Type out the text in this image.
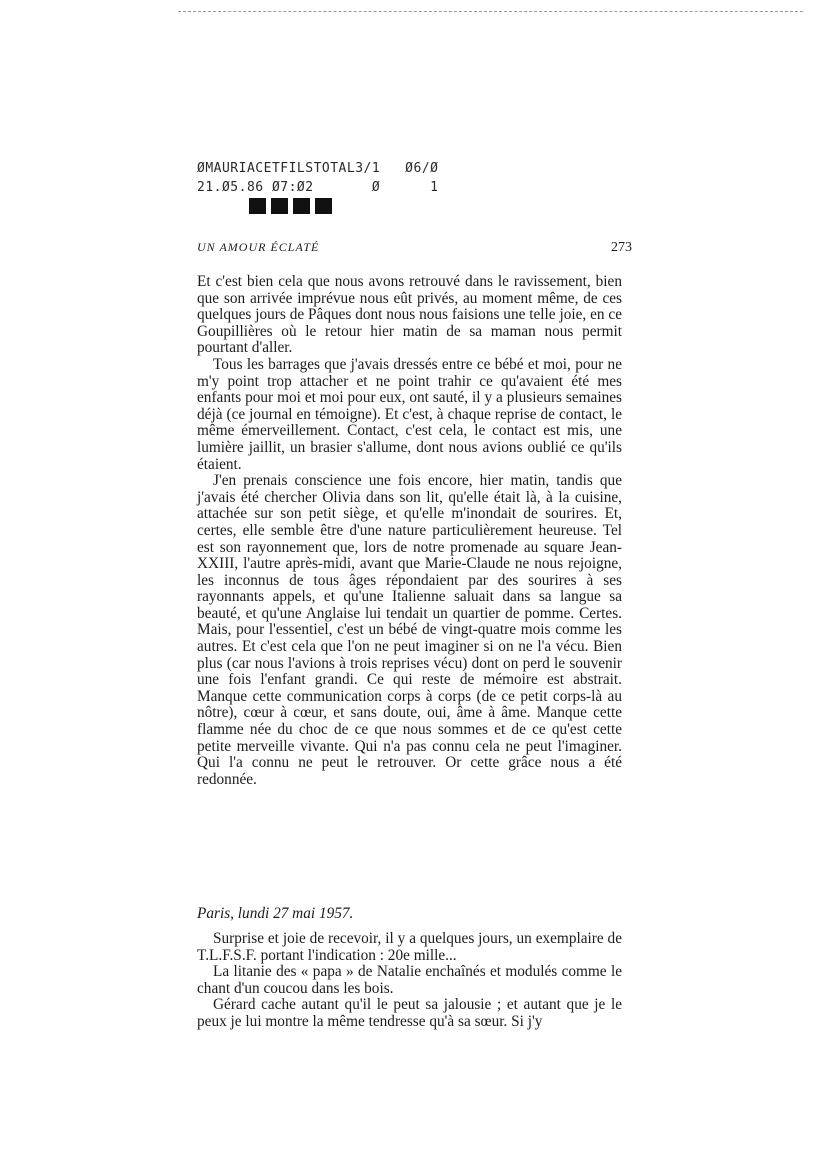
ØMAURIACETFILSTOTAL3/1   Ø6/Ø
21.Ø5.86 Ø7:Ø2       Ø      1
UN AMOUR ÉCLATÉ	273

Et c'est bien cela que nous avons retrouvé dans le ravissement, bien que son arrivée imprévue nous eût privés, au moment même, de ces quelques jours de Pâques dont nous nous faisions une telle joie, en ce Goupillières où le retour hier matin de sa maman nous permit pourtant d'aller.

Tous les barrages que j'avais dressés entre ce bébé et moi, pour ne m'y point trop attacher et ne point trahir ce qu'avaient été mes enfants pour moi et moi pour eux, ont sauté, il y a plusieurs semaines déjà (ce journal en témoigne). Et c'est, à chaque reprise de contact, le même émerveillement. Contact, c'est cela, le contact est mis, une lumière jaillit, un brasier s'allume, dont nous avions oublié ce qu'ils étaient.

J'en prenais conscience une fois encore, hier matin, tandis que j'avais été chercher Olivia dans son lit, qu'elle était là, à la cuisine, attachée sur son petit siège, et qu'elle m'inondait de sourires. Et, certes, elle semble être d'une nature particulièrement heureuse. Tel est son rayonnement que, lors de notre promenade au square Jean-XXIII, l'autre après-midi, avant que Marie-Claude ne nous rejoigne, les inconnus de tous âges répondaient par des sourires à ses rayonnants appels, et qu'une Italienne saluait dans sa langue sa beauté, et qu'une Anglaise lui tendait un quartier de pomme. Certes. Mais, pour l'essentiel, c'est un bébé de vingt-quatre mois comme les autres. Et c'est cela que l'on ne peut imaginer si on ne l'a vécu. Bien plus (car nous l'avions à trois reprises vécu) dont on perd le souvenir une fois l'enfant grandi. Ce qui reste de mémoire est abstrait. Manque cette communication corps à corps (de ce petit corps-là au nôtre), cœur à cœur, et sans doute, oui, âme à âme. Manque cette flamme née du choc de ce que nous sommes et de ce qu'est cette petite merveille vivante. Qui n'a pas connu cela ne peut l'imaginer. Qui l'a connu ne peut le retrouver. Or cette grâce nous a été redonnée.

Paris, lundi 27 mai 1957.

Surprise et joie de recevoir, il y a quelques jours, un exemplaire de T.L.F.S.F. portant l'indication : 20e mille...

La litanie des « papa » de Natalie enchaînés et modulés comme le chant d'un coucou dans les bois.

Gérard cache autant qu'il le peut sa jalousie ; et autant que je le peux je lui montre la même tendresse qu'à sa sœur. Si j'y
